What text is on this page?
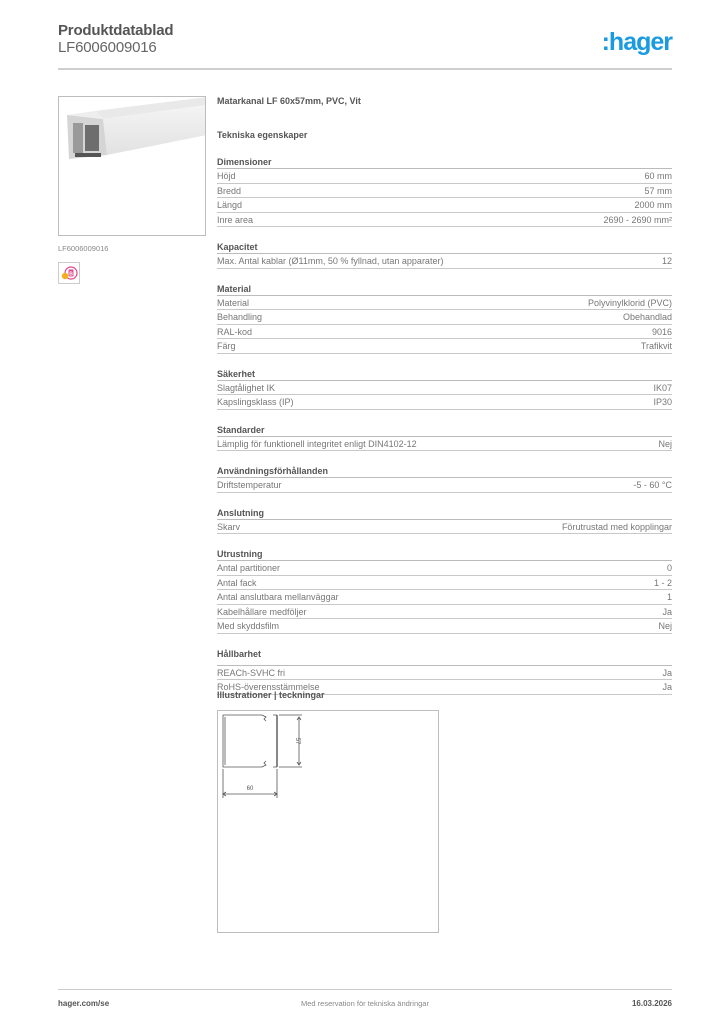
Produktdatablad
LF6006009016	:hager
LF6006009016
B
Matarkanal LF 60x57mm, PVC, Vit
Tekniska egenskaper
Dimensioner
Höjd	60 mm
Bredd	57 mm
Längd	2000 mm
Inre area	2690 - 2690 mm²
Kapacitet
Max. Antal kablar (Ø11mm, 50 % fyllnad, utan apparater)	12
Material
Material	Polyvinylklorid (PVC)
Behandling	Obehandlad
RAL-kod	9016
Färg	Trafikvit
Säkerhet
Slagtålighet IK	IK07
Kapslingsklass (IP)	IP30
Standarder
Lämplig för funktionell integritet enligt DIN4102-12	Nej
Användningsförhållanden
Driftstemperatur	-5 - 60 °C
Anslutning
Skarv	Förutrustad med kopplingar
Utrustning
Antal partitioner	0
Antal fack	1 - 2
Antal anslutbara mellanväggar	1
Kabelhållare medföljer	Ja
Med skyddsfilm	Nej
Hållbarhet
REACh-SVHC fri	Ja
RoHS-överensstämmelse	Ja
Illustrationer | teckningar
60
57
hager.com/se	Med reservation för tekniska ändringar	16.03.2026
